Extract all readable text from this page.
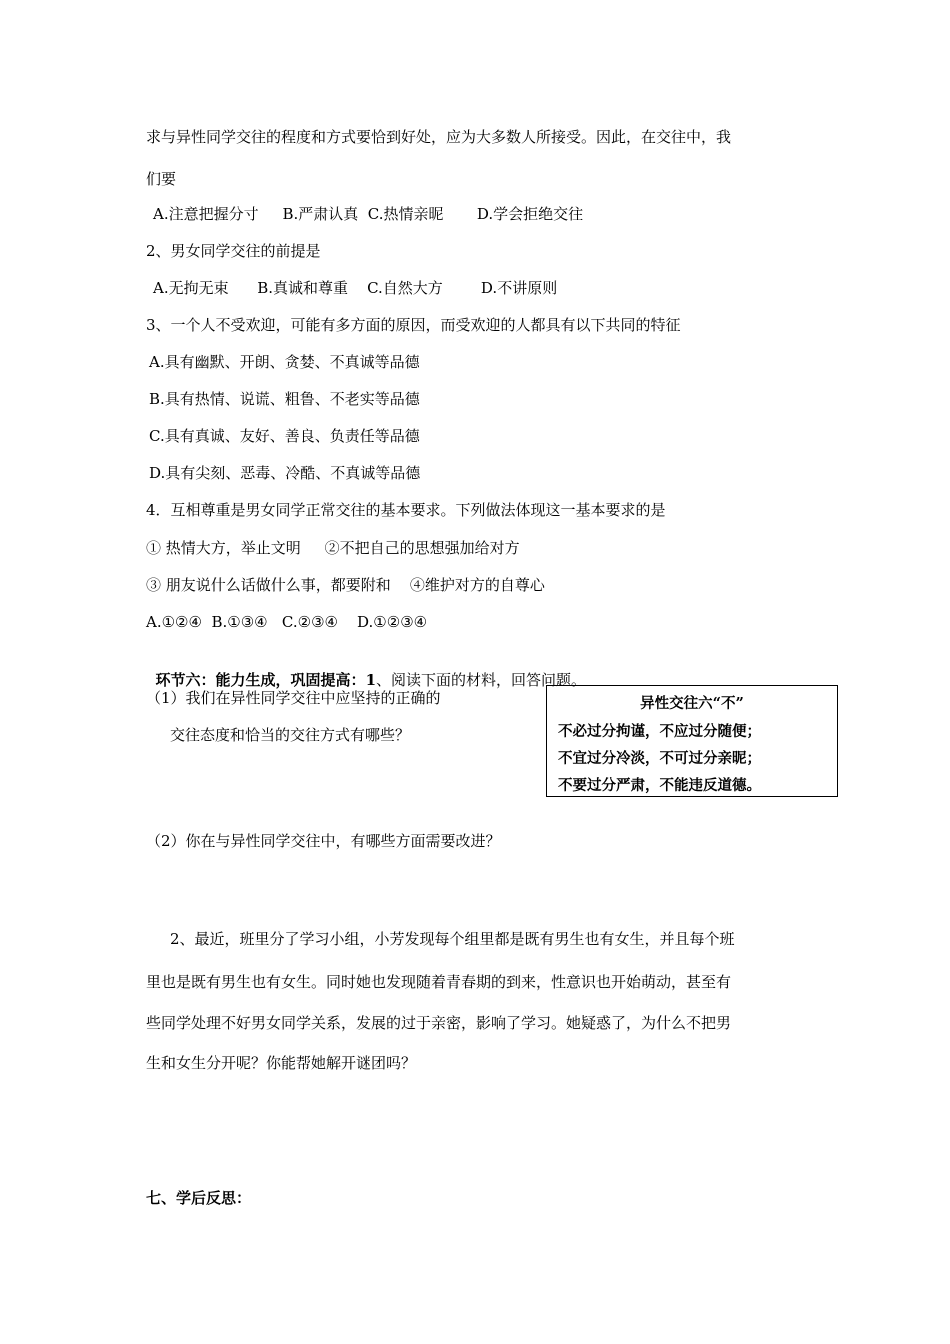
求与异性同学交往的程度和方式要恰到好处，应为大多数人所接受。因此，在交往中，我
们要
A.注意把握分寸     B.严肃认真  C.热情亲昵       D.学会拒绝交往
2、男女同学交往的前提是
A.无拘无束      B.真诚和尊重    C.自然大方        D.不讲原则
3、一个人不受欢迎，可能有多方面的原因，而受欢迎的人都具有以下共同的特征
A.具有幽默、开朗、贪婪、不真诚等品德
B.具有热情、说谎、粗鲁、不老实等品德
C.具有真诚、友好、善良、负责任等品德
D.具有尖刻、恶毒、冷酷、不真诚等品德
4．互相尊重是男女同学正常交往的基本要求。下列做法体现这一基本要求的是
① 热情大方，举止文明     ②不把自己的思想强加给对方
③ 朋友说什么话做什么事，都要附和    ④维护对方的自尊心
A.①②④  B.①③④   C.②③④    D.①②③④

环节六：能力生成，巩固提高：1、阅读下面的材料，回答问题。

（1）我们在异性同学交往中应坚持的正确的
交往态度和恰当的交往方式有哪些？
异性交往六“不”
不必过分拘谨，不应过分随便；
不宜过分冷淡，不可过分亲昵；
不要过分严肃，不能违反道德。
（2）你在与异性同学交往中，有哪些方面需要改进？
2、最近，班里分了学习小组，小芳发现每个组里都是既有男生也有女生，并且每个班
里也是既有男生也有女生。同时她也发现随着青春期的到来，性意识也开始萌动，甚至有
些同学处理不好男女同学关系，发展的过于亲密，影响了学习。她疑惑了，为什么不把男
生和女生分开呢？你能帮她解开谜团吗？
七、学后反思：
